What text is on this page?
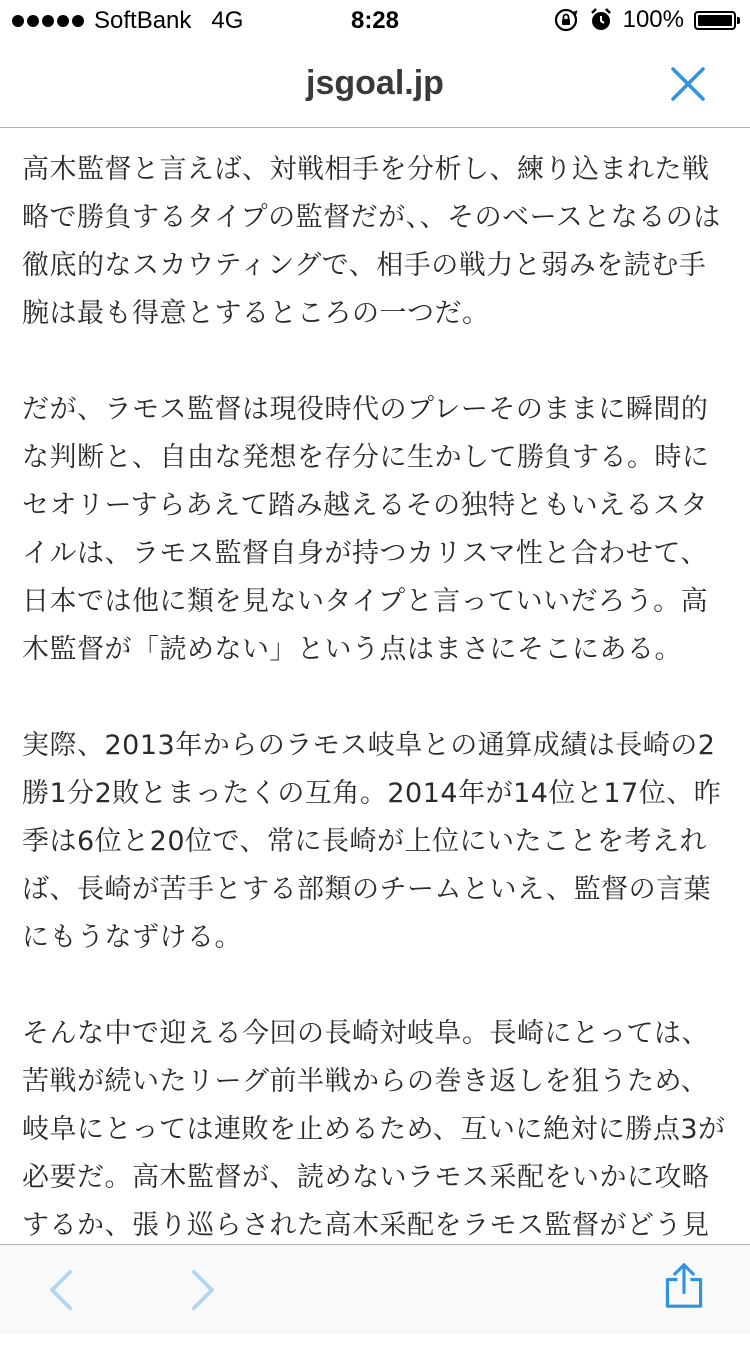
SoftBank 4G	8:28	100%
jsgoal.jp

高木監督と言えば、対戦相手を分析し、練り込まれた戦略で勝負するタイプの監督だが、、そのベースとなるのは徹底的なスカウティングで、相手の戦力と弱みを読む手腕は最も得意とするところの一つだ。

だが、ラモス監督は現役時代のプレーそのままに瞬間的な判断と、自由な発想を存分に生かして勝負する。時にセオリーすらあえて踏み越えるその独特ともいえるスタイルは、ラモス監督自身が持つカリスマ性と合わせて、日本では他に類を見ないタイプと言っていいだろう。高木監督が「読めない」という点はまさにそこにある。

実際、2013年からのラモス岐阜との通算成績は長崎の2勝1分2敗とまったくの互角。2014年が14位と17位、昨季は6位と20位で、常に長崎が上位にいたことを考えれば、長崎が苦手とする部類のチームといえ、監督の言葉にもうなずける。

そんな中で迎える今回の長崎対岐阜。長崎にとっては、苦戦が続いたリーグ前半戦からの巻き返しを狙うため、岐阜にとっては連敗を止めるため、互いに絶対に勝点3が必要だ。高木監督が、読めないラモス采配をいかに攻略するか、張り巡らされた高木采配をラモス監督がどう見
